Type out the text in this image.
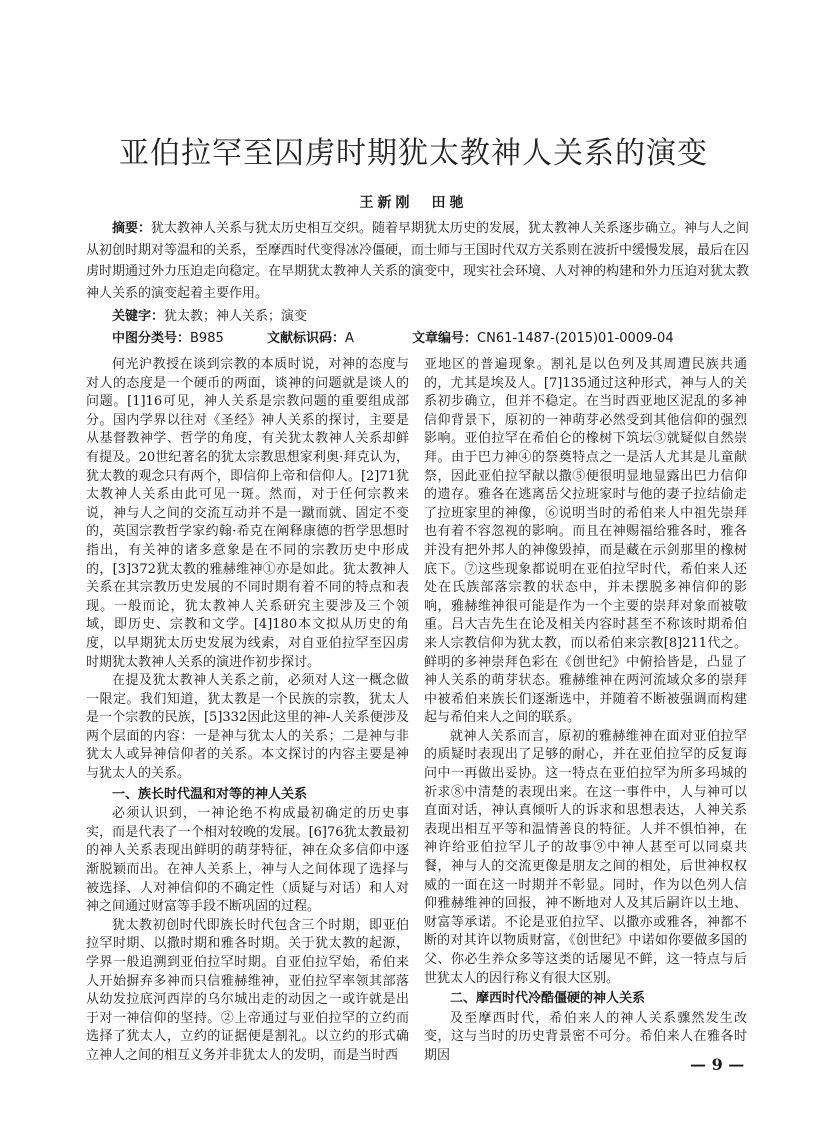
亚伯拉罕至囚虏时期犹太教神人关系的演变
王新刚　田驰
摘要：犹太教神人关系与犹太历史相互交织。随着早期犹太历史的发展，犹太教神人关系逐步确立。神与人之间从初创时期对等温和的关系，至摩西时代变得冰冷僵硬，而士师与王国时代双方关系则在波折中缓慢发展，最后在囚虏时期通过外力压迫走向稳定。在早期犹太教神人关系的演变中，现实社会环境、人对神的构建和外力压迫对犹太教神人关系的演变起着主要作用。
关键字：犹太教；神人关系；演变
中图分类号：B985	文献标识码：A	文章编号：CN61-1487-(2015)01-0009-04

何光沪教授在谈到宗教的本质时说，对神的态度与对人的态度是一个硬币的两面，谈神的问题就是谈人的问题。[1]16可见，神人关系是宗教问题的重要组成部分。国内学界以往对《圣经》神人关系的探讨，主要是从基督教神学、哲学的角度，有关犹太教神人关系却鲜有提及。20世纪著名的犹太宗教思想家利奥·拜克认为，犹太教的观念只有两个，即信仰上帝和信仰人。[2]71犹太教神人关系由此可见一斑。然而，对于任何宗教来说，神与人之间的交流互动并不是一蹴而就、固定不变的，英国宗教哲学家约翰·希克在阐释康德的哲学思想时指出，有关神的诸多意象是在不同的宗教历史中形成的，[3]372犹太教的雅赫维神①亦是如此。犹太教神人关系在其宗教历史发展的不同时期有着不同的特点和表现。一般而论，犹太教神人关系研究主要涉及三个领域，即历史、宗教和文学。[4]180本文拟从历史的角度，以早期犹太历史发展为线索，对自亚伯拉罕至囚虏时期犹太教神人关系的演进作初步探讨。

在提及犹太教神人关系之前，必须对人这一概念做一限定。我们知道，犹太教是一个民族的宗教，犹太人是一个宗教的民族，[5]332因此这里的神-人关系便涉及两个层面的内容：一是神与犹太人的关系；二是神与非犹太人或异神信仰者的关系。本文探讨的内容主要是神与犹太人的关系。

一、族长时代温和对等的神人关系

必须认识到，一神论绝不构成最初确定的历史事实，而是代表了一个相对较晚的发展。[6]76犹太教最初的神人关系表现出鲜明的萌芽特征，神在众多信仰中逐渐脱颖而出。在神人关系上，神与人之间体现了选择与被选择、人对神信仰的不确定性（质疑与对话）和人对神之间通过财富等手段不断巩固的过程。

犹太教初创时代即族长时代包含三个时期，即亚伯拉罕时期、以撒时期和雅各时期。关于犹太教的起源，学界一般追溯到亚伯拉罕时期。自亚伯拉罕始，希伯来人开始摒弃多神而只信雅赫维神，亚伯拉罕率领其部落从幼发拉底河西岸的乌尔城出走的动因之一或许就是出于对一神信仰的坚持。②上帝通过与亚伯拉罕的立约而选择了犹太人，立约的证据便是割礼。以立约的形式确立神人之间的相互义务并非犹太人的发明，而是当时西

亚地区的普遍现象。割礼是以色列及其周遭民族共通的，尤其是埃及人。[7]135通过这种形式，神与人的关系初步确立，但并不稳定。在当时西亚地区泥乱的多神信仰背景下，原初的一神萌芽必然受到其他信仰的强烈影响。亚伯拉罕在希伯仑的橡树下筑坛③就疑似自然崇拜。由于巴力神④的祭奠特点之一是活人尤其是儿童献祭，因此亚伯拉罕献以撒⑤便很明显地显露出巴力信仰的遗存。雅各在逃离岳父拉班家时与他的妻子拉结偷走了拉班家里的神像，⑥说明当时的希伯来人中祖先崇拜也有着不容忽视的影响。而且在神赐福给雅各时，雅各并没有把外邦人的神像毁掉，而是藏在示剑那里的橡树底下。⑦这些现象都说明在亚伯拉罕时代，希伯来人还处在氏族部落宗教的状态中，并未摆脱多神信仰的影响，雅赫维神很可能是作为一个主要的崇拜对象而被敬重。吕大吉先生在论及相关内容时甚至不称该时期希伯来人宗教信仰为犹太教，而以希伯来宗教[8]211代之。鲜明的多神崇拜色彩在《创世纪》中俯拾皆是，凸显了神人关系的萌芽状态。雅赫维神在两河流域众多的崇拜中被希伯来族长们逐渐选中，并随着不断被强调而构建起与希伯来人之间的联系。

就神人关系而言，原初的雅赫维神在面对亚伯拉罕的质疑时表现出了足够的耐心，并在亚伯拉罕的反复诲问中一再做出妥协。这一特点在亚伯拉罕为所多玛城的祈求⑧中清楚的表现出来。在这一事件中，人与神可以直面对话，神认真倾听人的诉求和思想表达，人神关系表现出相互平等和温情善良的特征。人并不惧怕神，在神许给亚伯拉罕儿子的故事⑨中神人甚至可以同桌共餐，神与人的交流更像是朋友之间的相处，后世神权权威的一面在这一时期并不彰显。同时，作为以色列人信仰雅赫维神的回报，神不断地对人及其后嗣许以土地、财富等承诺。不论是亚伯拉罕、以撒亦或雅各，神都不断的对其许以物质财富，《创世纪》中诺如你要做多国的父、你必生养众多等这类的话屡见不鲜，这一特点与后世犹太人的因行称义有很大区别。

二、摩西时代冷酷僵硬的神人关系

及至摩西时代，希伯来人的神人关系骤然发生改变，这与当时的历史背景密不可分。希伯来人在雅各时期因	— 9 —
